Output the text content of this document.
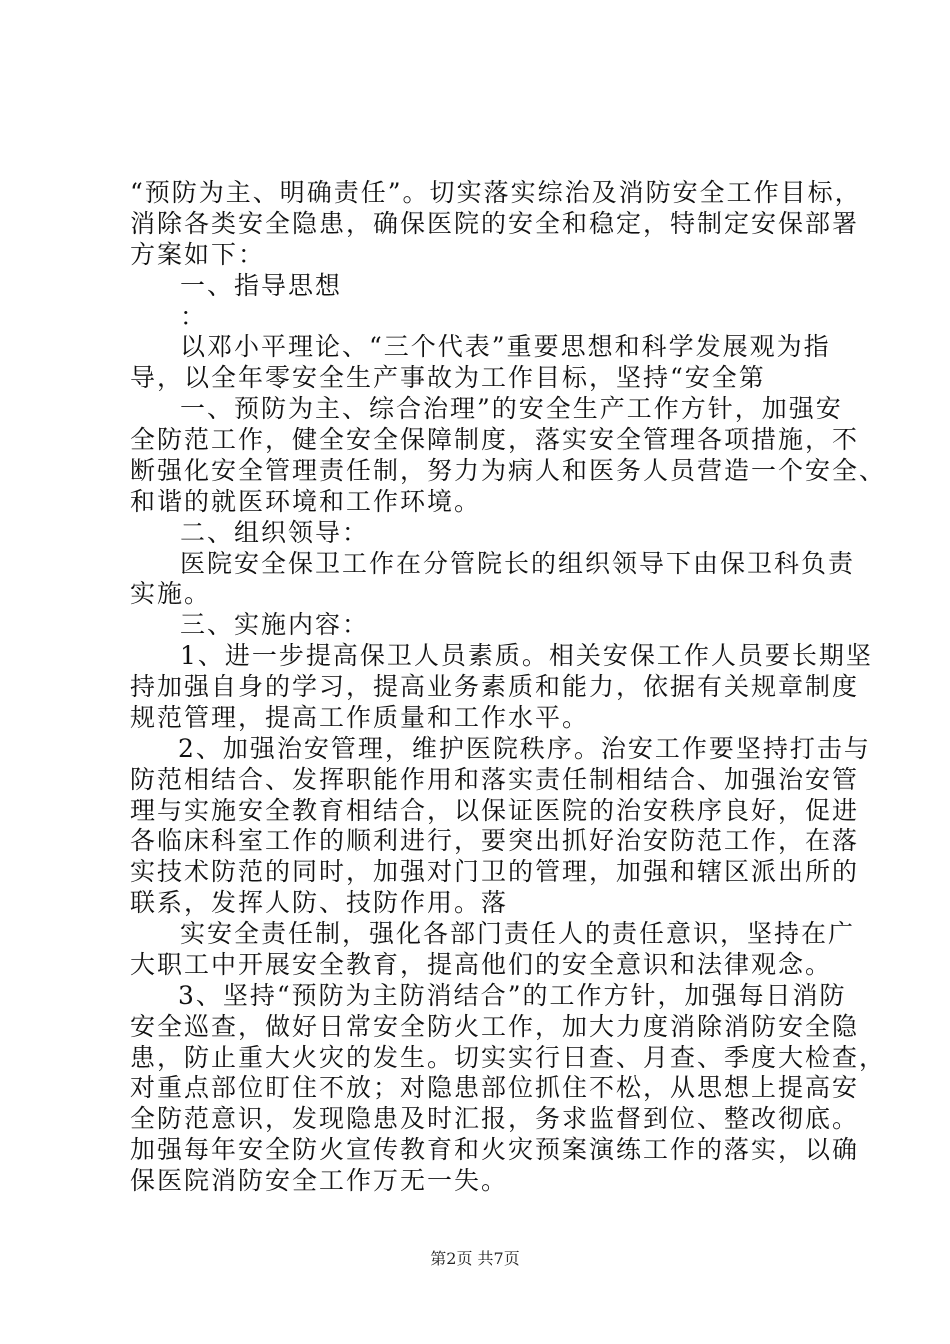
“预防为主、明确责任”。切实落实综治及消防安全工作目标，
消除各类安全隐患，确保医院的安全和稳定，特制定安保部署
方案如下：
一、指导思想
：
以邓小平理论、“三个代表”重要思想和科学发展观为指
导，以全年零安全生产事故为工作目标，坚持“安全第
一、预防为主、综合治理”的安全生产工作方针，加强安
全防范工作，健全安全保障制度，落实安全管理各项措施，不
断强化安全管理责任制，努力为病人和医务人员营造一个安全、
和谐的就医环境和工作环境。
二、组织领导：
医院安全保卫工作在分管院长的组织领导下由保卫科负责
实施。
三、实施内容：
1、进一步提高保卫人员素质。相关安保工作人员要长期坚
持加强自身的学习，提高业务素质和能力，依据有关规章制度
规范管理，提高工作质量和工作水平。
2、加强治安管理，维护医院秩序。治安工作要坚持打击与
防范相结合、发挥职能作用和落实责任制相结合、加强治安管
理与实施安全教育相结合，以保证医院的治安秩序良好，促进
各临床科室工作的顺利进行，要突出抓好治安防范工作，在落
实技术防范的同时，加强对门卫的管理，加强和辖区派出所的
联系，发挥人防、技防作用。落
实安全责任制，强化各部门责任人的责任意识，坚持在广
大职工中开展安全教育，提高他们的安全意识和法律观念。
3、坚持“预防为主防消结合”的工作方针，加强每日消防
安全巡查，做好日常安全防火工作，加大力度消除消防安全隐
患，防止重大火灾的发生。切实实行日查、月查、季度大检查，
对重点部位盯住不放；对隐患部位抓住不松，从思想上提高安
全防范意识，发现隐患及时汇报，务求监督到位、整改彻底。
加强每年安全防火宣传教育和火灾预案演练工作的落实，以确
保医院消防安全工作万无一失。
第2页 共7页
